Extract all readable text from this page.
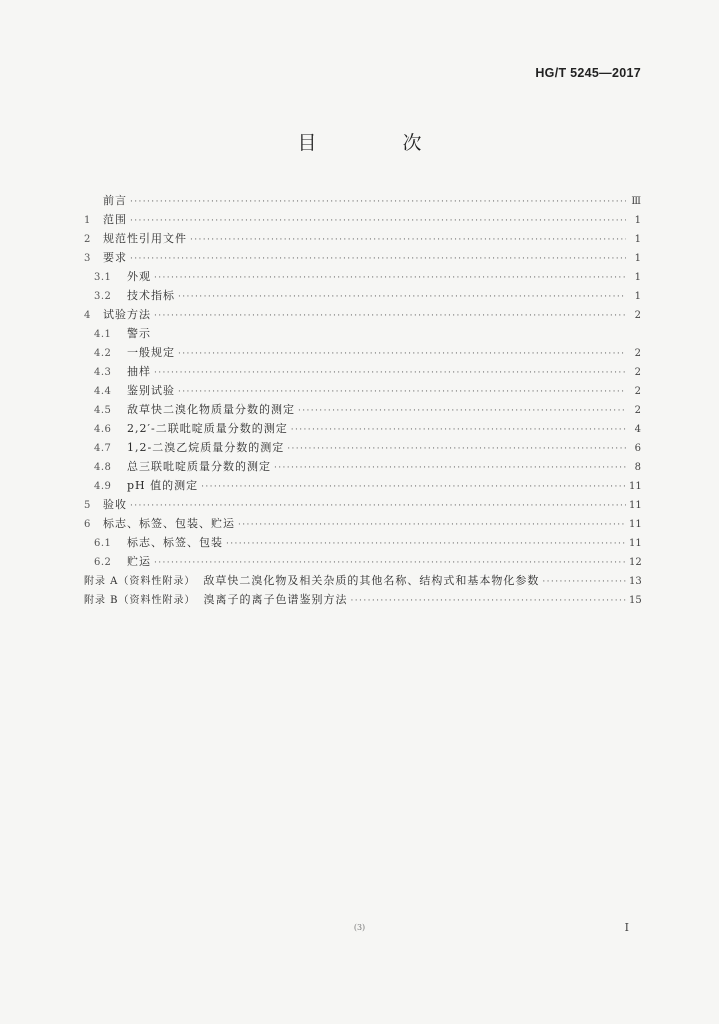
HG/T 5245—2017
目 次
前言 ·····	Ⅲ
1	范围 ·····	1
2	规范性引用文件 ·····	1
3	要求 ·····	1
3.1	外观 ·····	1
3.2	技术指标 ·····	1
4	试验方法 ·····	2
4.1	警示
4.2	一般规定 ·····	2
4.3	抽样 ·····	2
4.4	鉴别试验 ·····	2
4.5	敌草快二溴化物质量分数的测定 ·····	2
4.6	2,2′-二联吡啶质量分数的测定 ·····	4
4.7	1,2-二溴乙烷质量分数的测定 ·····	6
4.8	总三联吡啶质量分数的测定 ·····	8
4.9	pH 值的测定 ·····	11
5	验收 ·····	11
6	标志、标签、包装、贮运 ·····	11
6.1	标志、标签、包装 ·····	11
6.2	贮运 ·····	12
附录 A（资料性附录） 敌草快二溴化物及相关杂质的其他名称、结构式和基本物化参数 ·····	13
附录 B（资料性附录） 溴离子的离子色谱鉴别方法 ·····	15
(3)	I
